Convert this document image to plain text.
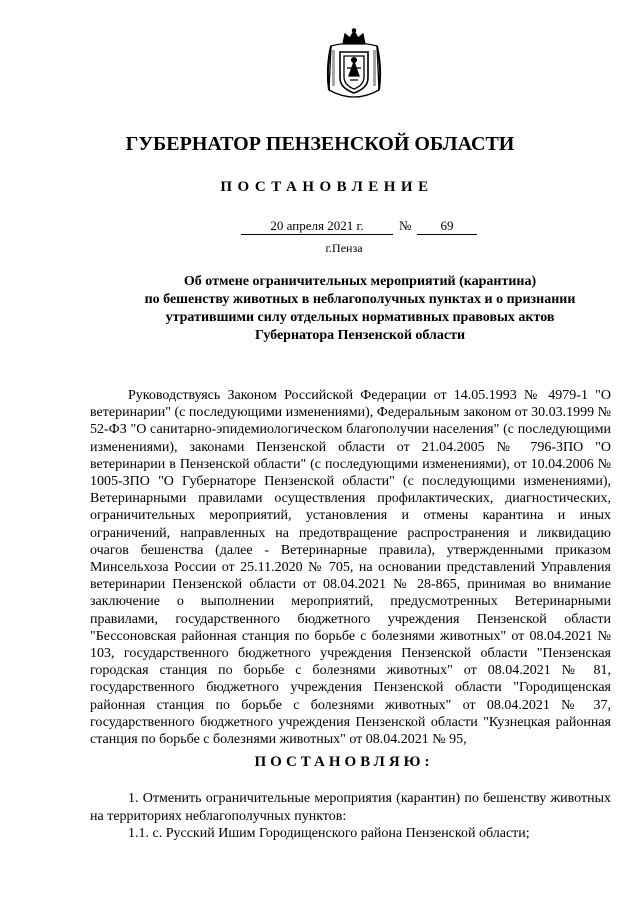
ГУБЕРНАТОР ПЕНЗЕНСКОЙ ОБЛАСТИ
ПОСТАНОВЛЕНИЕ
20 апреля 2021 г.	№	69
г.Пенза
Об отмене ограничительных мероприятий (карантина)
по бешенству животных в неблагополучных пунктах и о признании
утратившими силу отдельных нормативных правовых актов
Губернатора Пензенской области

Руководствуясь Законом Российской Федерации от 14.05.1993 № 4979-1 "О ветеринарии" (с последующими изменениями), Федеральным законом от 30.03.1999 № 52-ФЗ "О санитарно-эпидемиологическом благополучии населения" (с последующими изменениями), законами Пензенской области от 21.04.2005 № 796-ЗПО "О ветеринарии в Пензенской области" (с последующими изменениями), от 10.04.2006 № 1005-ЗПО "О Губернаторе Пензенской области" (с последующими изменениями), Ветеринарными правилами осуществления профилактических, диагностических, ограничительных мероприятий, установления и отмены карантина и иных ограничений, направленных на предотвращение распространения и ликвидацию очагов бешенства (далее - Ветеринарные правила), утвержденными приказом Минсельхоза России от 25.11.2020 № 705, на основании представлений Управления ветеринарии Пензенской области от 08.04.2021 № 28-865, принимая во внимание заключение о выполнении мероприятий, предусмотренных Ветеринарными правилами, государственного бюджетного учреждения Пензенской области "Бессоновская районная станция по борьбе с болезнями животных" от 08.04.2021 № 103, государственного бюджетного учреждения Пензенской области "Пензенская городская станция по борьбе с болезнями животных" от 08.04.2021 № 81, государственного бюджетного учреждения Пензенской области "Городищенская районная станция по борьбе с болезнями животных" от 08.04.2021 № 37, государственного бюджетного учреждения Пензенской области "Кузнецкая районная станция по борьбе с болезнями животных" от 08.04.2021 № 95,

ПОСТАНОВЛЯЮ:

1. Отменить ограничительные мероприятия (карантин) по бешенству животных на территориях неблагополучных пунктов:

1.1. с. Русский Ишим Городищенского района Пензенской области;
